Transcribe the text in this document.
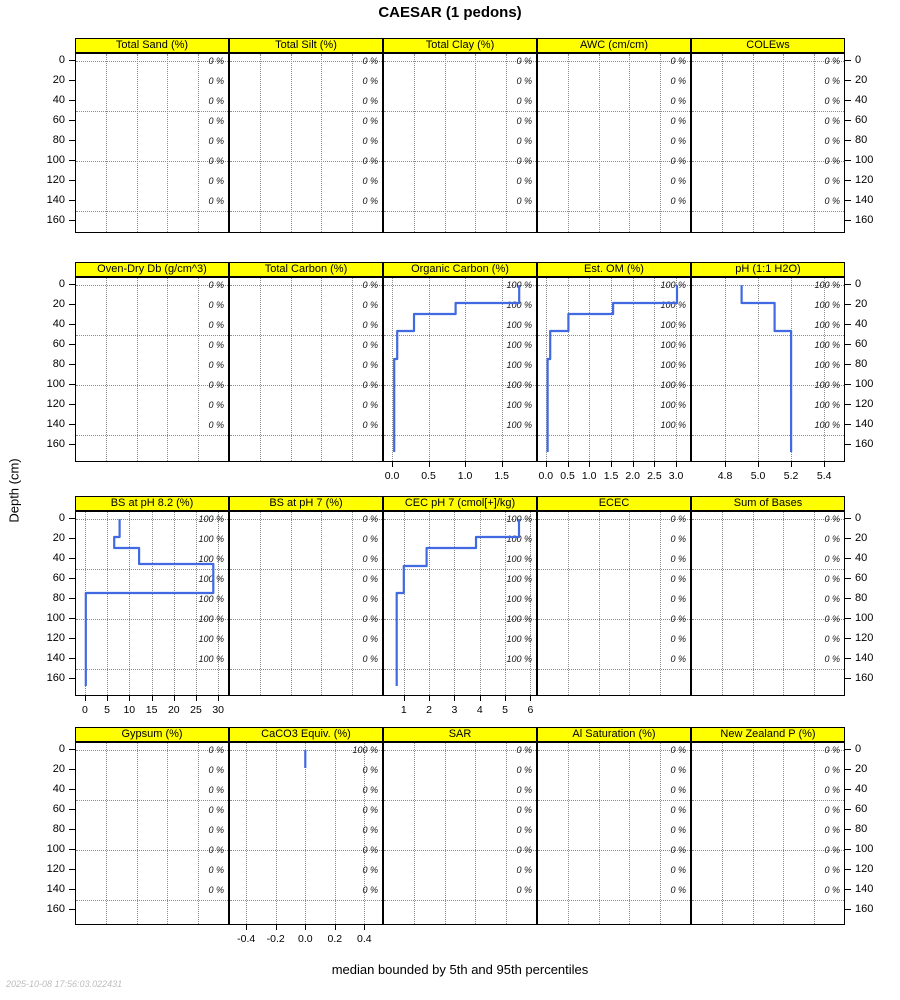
CAESAR (1 pedons)
Depth (cm)
Total Sand (%)
0 %
0 %
0 %
0 %
0 %
0 %
0 %
0 %
Total Silt (%)
0 %
0 %
0 %
0 %
0 %
0 %
0 %
0 %
Total Clay (%)
0 %
0 %
0 %
0 %
0 %
0 %
0 %
0 %
AWC (cm/cm)
0 %
0 %
0 %
0 %
0 %
0 %
0 %
0 %
COLEws
0 %
0 %
0 %
0 %
0 %
0 %
0 %
0 %
0	0
20	20
40	40
60	60
80	80
100	100
120	120
140	140
160	160
Oven-Dry Db (g/cm^3)
0 %
0 %
0 %
0 %
0 %
0 %
0 %
0 %
Total Carbon (%)
0 %
0 %
0 %
0 %
0 %
0 %
0 %
0 %
Organic Carbon (%)
100 %
100 %
100 %
100 %
100 %
100 %
100 %
100 %
0.0	0.5	1.0	1.5
Est. OM (%)
100 %
100 %
100 %
100 %
100 %
100 %
100 %
100 %
0.0 0.5 1.0 1.5 2.0 2.5 3.0
pH (1:1 H2O)
100 %
100 %
100 %
100 %
100 %
100 %
100 %
100 %
4.8	5.0	5.2	5.4
0	0
20	20
40	40
60	60
80	80
100	100
120	120
140	140
160	160
BS at pH 8.2 (%)
100 %
100 %
100 %
100 %
100 %
100 %
100 %
100 %
0	5	10	15	20	25	30
BS at pH 7 (%)
0 %
0 %
0 %
0 %
0 %
0 %
0 %
0 %
CEC pH 7 (cmol[+]/kg)
100 %
100 %
100 %
100 %
100 %
100 %
100 %
100 %
1	2	3	4	5	6
ECEC
0 %
0 %
0 %
0 %
0 %
0 %
0 %
0 %
Sum of Bases
0 %
0 %
0 %
0 %
0 %
0 %
0 %
0 %
0	0
20	20
40	40
60	60
80	80
100	100
120	120
140	140
160	160
Gypsum (%)
0 %
0 %
0 %
0 %
0 %
0 %
0 %
0 %
CaCO3 Equiv. (%)
100 %
0 %
0 %
0 %
0 %
0 %
0 %
0 %
-0.4	-0.2	0.0	0.2	0.4
SAR
0 %
0 %
0 %
0 %
0 %
0 %
0 %
0 %
Al Saturation (%)
0 %
0 %
0 %
0 %
0 %
0 %
0 %
0 %
New Zealand P (%)
0 %
0 %
0 %
0 %
0 %
0 %
0 %
0 %
0	0
20	20
40	40
60	60
80	80
100	100
120	120
140	140
160	160
median bounded by 5th and 95th percentiles
2025-10-08 17:56:03.022431
